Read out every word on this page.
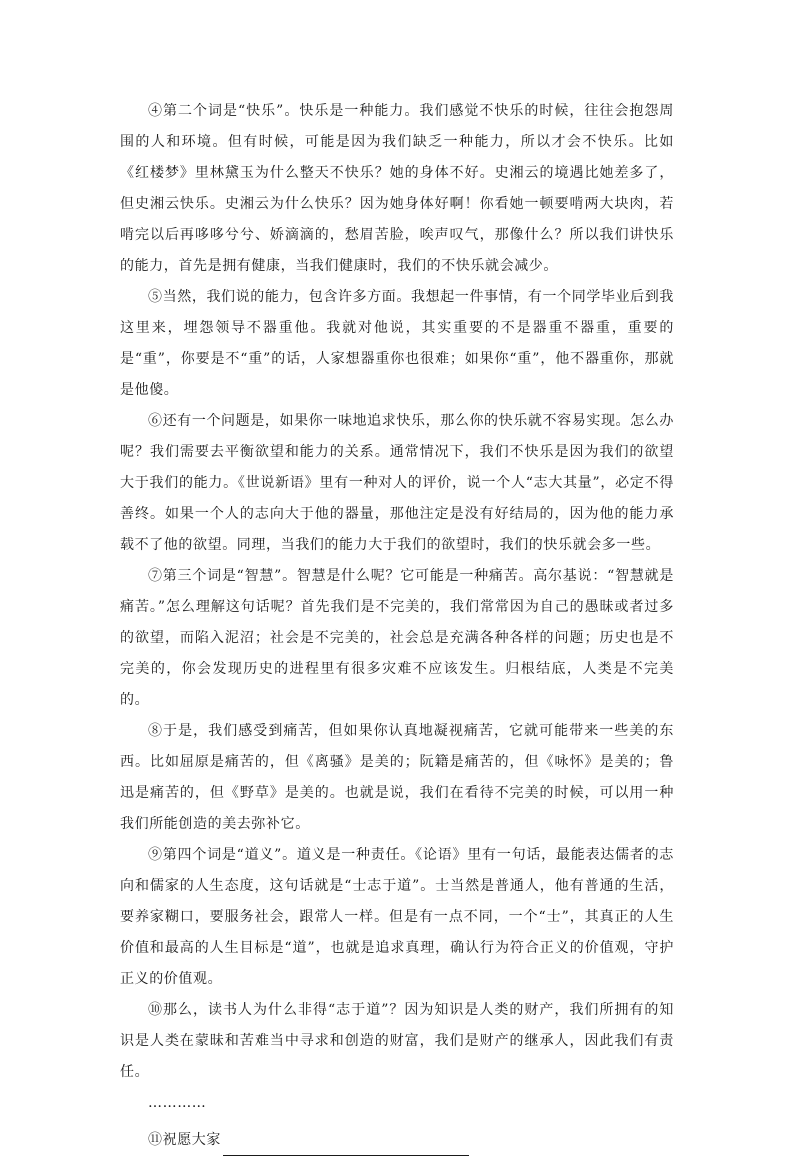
④第二个词是“快乐”。快乐是一种能力。我们感觉不快乐的时候，往往会抱怨周围的人和环境。但有时候，可能是因为我们缺乏一种能力，所以才会不快乐。比如《红楼梦》里林黛玉为什么整天不快乐？她的身体不好。史湘云的境遇比她差多了，但史湘云快乐。史湘云为什么快乐？因为她身体好啊！你看她一顿要啃两大块肉，若啃完以后再哆哆兮兮、娇滴滴的，愁眉苦脸，唉声叹气，那像什么？所以我们讲快乐的能力，首先是拥有健康，当我们健康时，我们的不快乐就会减少。

⑤当然，我们说的能力，包含许多方面。我想起一件事情，有一个同学毕业后到我这里来，埋怨领导不器重他。我就对他说，其实重要的不是器重不器重，重要的是“重”，你要是不“重”的话，人家想器重你也很难；如果你“重”，他不器重你，那就是他傻。

⑥还有一个问题是，如果你一味地追求快乐，那么你的快乐就不容易实现。怎么办呢？我们需要去平衡欲望和能力的关系。通常情况下，我们不快乐是因为我们的欲望大于我们的能力。《世说新语》里有一种对人的评价，说一个人“志大其量”，必定不得善终。如果一个人的志向大于他的器量，那他注定是没有好结局的，因为他的能力承载不了他的欲望。同理，当我们的能力大于我们的欲望时，我们的快乐就会多一些。

⑦第三个词是“智慧”。智慧是什么呢？它可能是一种痛苦。高尔基说：“智慧就是痛苦。”怎么理解这句话呢？首先我们是不完美的，我们常常因为自己的愚昧或者过多的欲望，而陷入泥沼；社会是不完美的，社会总是充满各种各样的问题；历史也是不完美的，你会发现历史的进程里有很多灾难不应该发生。归根结底，人类是不完美的。

⑧于是，我们感受到痛苦，但如果你认真地凝视痛苦，它就可能带来一些美的东西。比如屈原是痛苦的，但《离骚》是美的；阮籍是痛苦的，但《咏怀》是美的；鲁迅是痛苦的，但《野草》是美的。也就是说，我们在看待不完美的时候，可以用一种我们所能创造的美去弥补它。

⑨第四个词是“道义”。道义是一种责任。《论语》里有一句话，最能表达儒者的志向和儒家的人生态度，这句话就是“士志于道”。士当然是普通人，他有普通的生活，要养家糊口，要服务社会，跟常人一样。但是有一点不同，一个“士”，其真正的人生价值和最高的人生目标是“道”，也就是追求真理，确认行为符合正义的价值观，守护正义的价值观。

⑩那么，读书人为什么非得“志于道”？因为知识是人类的财产，我们所拥有的知识是人类在蒙昧和苦难当中寻求和创造的财富，我们是财产的继承人，因此我们有责任。

…………

⑪祝愿大家
